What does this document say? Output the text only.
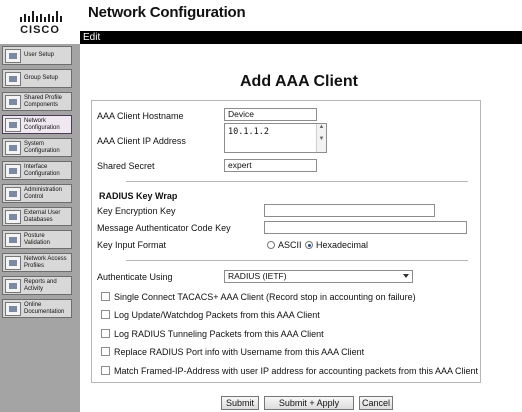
CISCO
Network Configuration
Edit
User Setup
Group Setup
Shared Profile Components
Network Configuration
System Configuration
Interface Configuration
Administration Control
External User Databases
Posture Validation
Network Access Profiles
Reports and Activity
Online Documentation
Add AAA Client
AAA Client Hostname	Device
AAA Client IP Address
10.1.1.2	▲

▼
Shared Secret	expert
RADIUS Key Wrap
Key Encryption Key
Message Authenticator Code Key
Key Input Format	ASCII Hexadecimal
Authenticate Using	RADIUS (IETF)
Single Connect TACACS+ AAA Client (Record stop in accounting on failure)
Log Update/Watchdog Packets from this AAA Client
Log RADIUS Tunneling Packets from this AAA Client
Replace RADIUS Port info with Username from this AAA Client
Match Framed-IP-Address with user IP address for accounting packets from this AAA Client
Submit	Submit + Apply	Cancel
